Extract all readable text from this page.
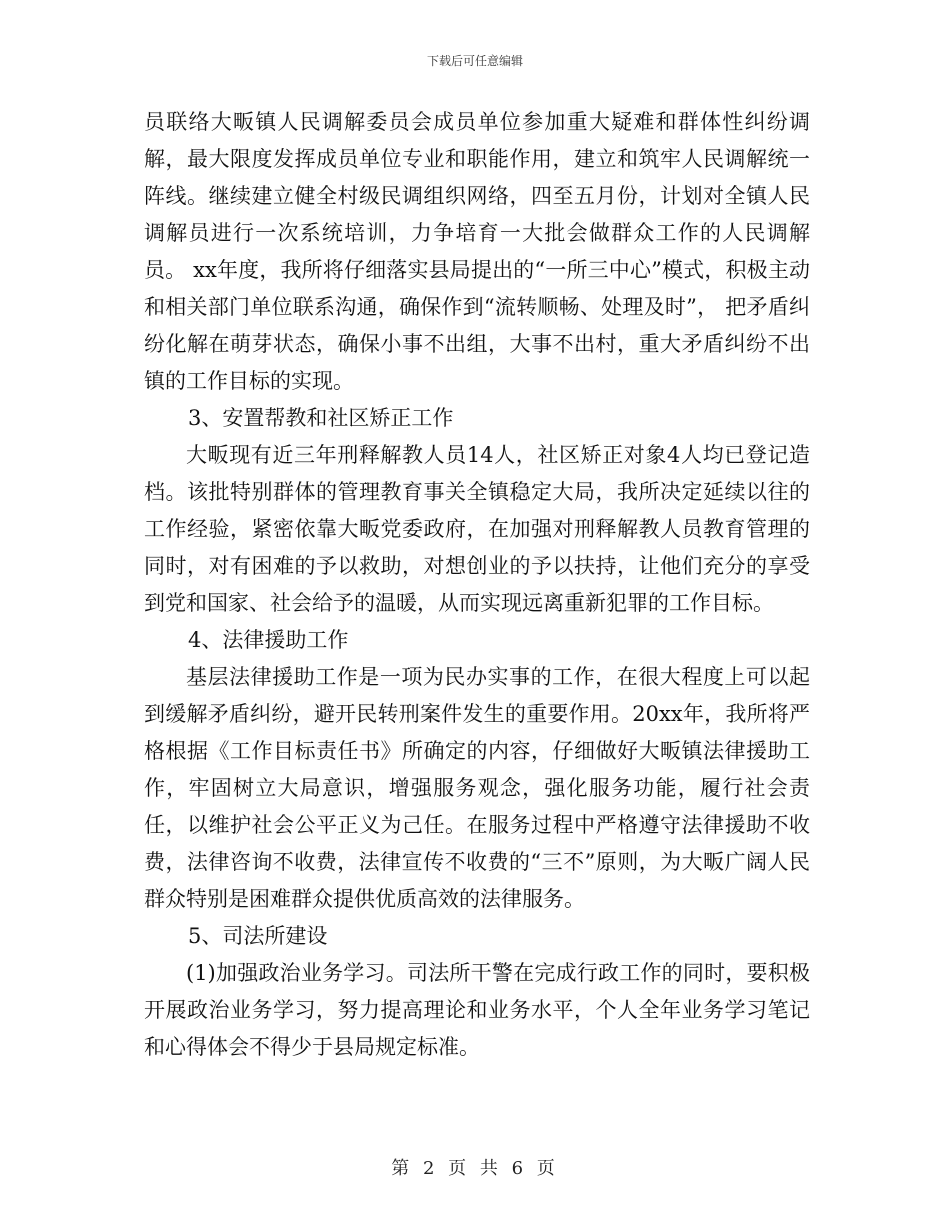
下载后可任意编辑

员联络大畈镇人民调解委员会成员单位参加重大疑难和群体性纠纷调解，最大限度发挥成员单位专业和职能作用，建立和筑牢人民调解统一阵线。继续建立健全村级民调组织网络，四至五月份，计划对全镇人民调解员进行一次系统培训，力争培育一大批会做群众工作的人民调解员。 xx年度，我所将仔细落实县局提出的“一所三中心”模式，积极主动和相关部门单位联系沟通，确保作到“流转顺畅、处理及时”， 把矛盾纠纷化解在萌芽状态，确保小事不出组，大事不出村，重大矛盾纠纷不出镇的工作目标的实现。

3、安置帮教和社区矫正工作

大畈现有近三年刑释解教人员14人，社区矫正对象4人均已登记造档。该批特别群体的管理教育事关全镇稳定大局，我所决定延续以往的工作经验，紧密依靠大畈党委政府，在加强对刑释解教人员教育管理的同时，对有困难的予以救助，对想创业的予以扶持，让他们充分的享受到党和国家、社会给予的温暖，从而实现远离重新犯罪的工作目标。

4、法律援助工作

基层法律援助工作是一项为民办实事的工作，在很大程度上可以起到缓解矛盾纠纷，避开民转刑案件发生的重要作用。20xx年，我所将严格根据《工作目标责任书》所确定的内容，仔细做好大畈镇法律援助工作，牢固树立大局意识，增强服务观念，强化服务功能，履行社会责任，以维护社会公平正义为己任。在服务过程中严格遵守法律援助不收费，法律咨询不收费，法律宣传不收费的“三不”原则，为大畈广阔人民群众特别是困难群众提供优质高效的法律服务。

5、司法所建设

(1)加强政治业务学习。司法所干警在完成行政工作的同时，要积极开展政治业务学习，努力提高理论和业务水平，个人全年业务学习笔记和心得体会不得少于县局规定标准。

第 2 页 共 6 页
